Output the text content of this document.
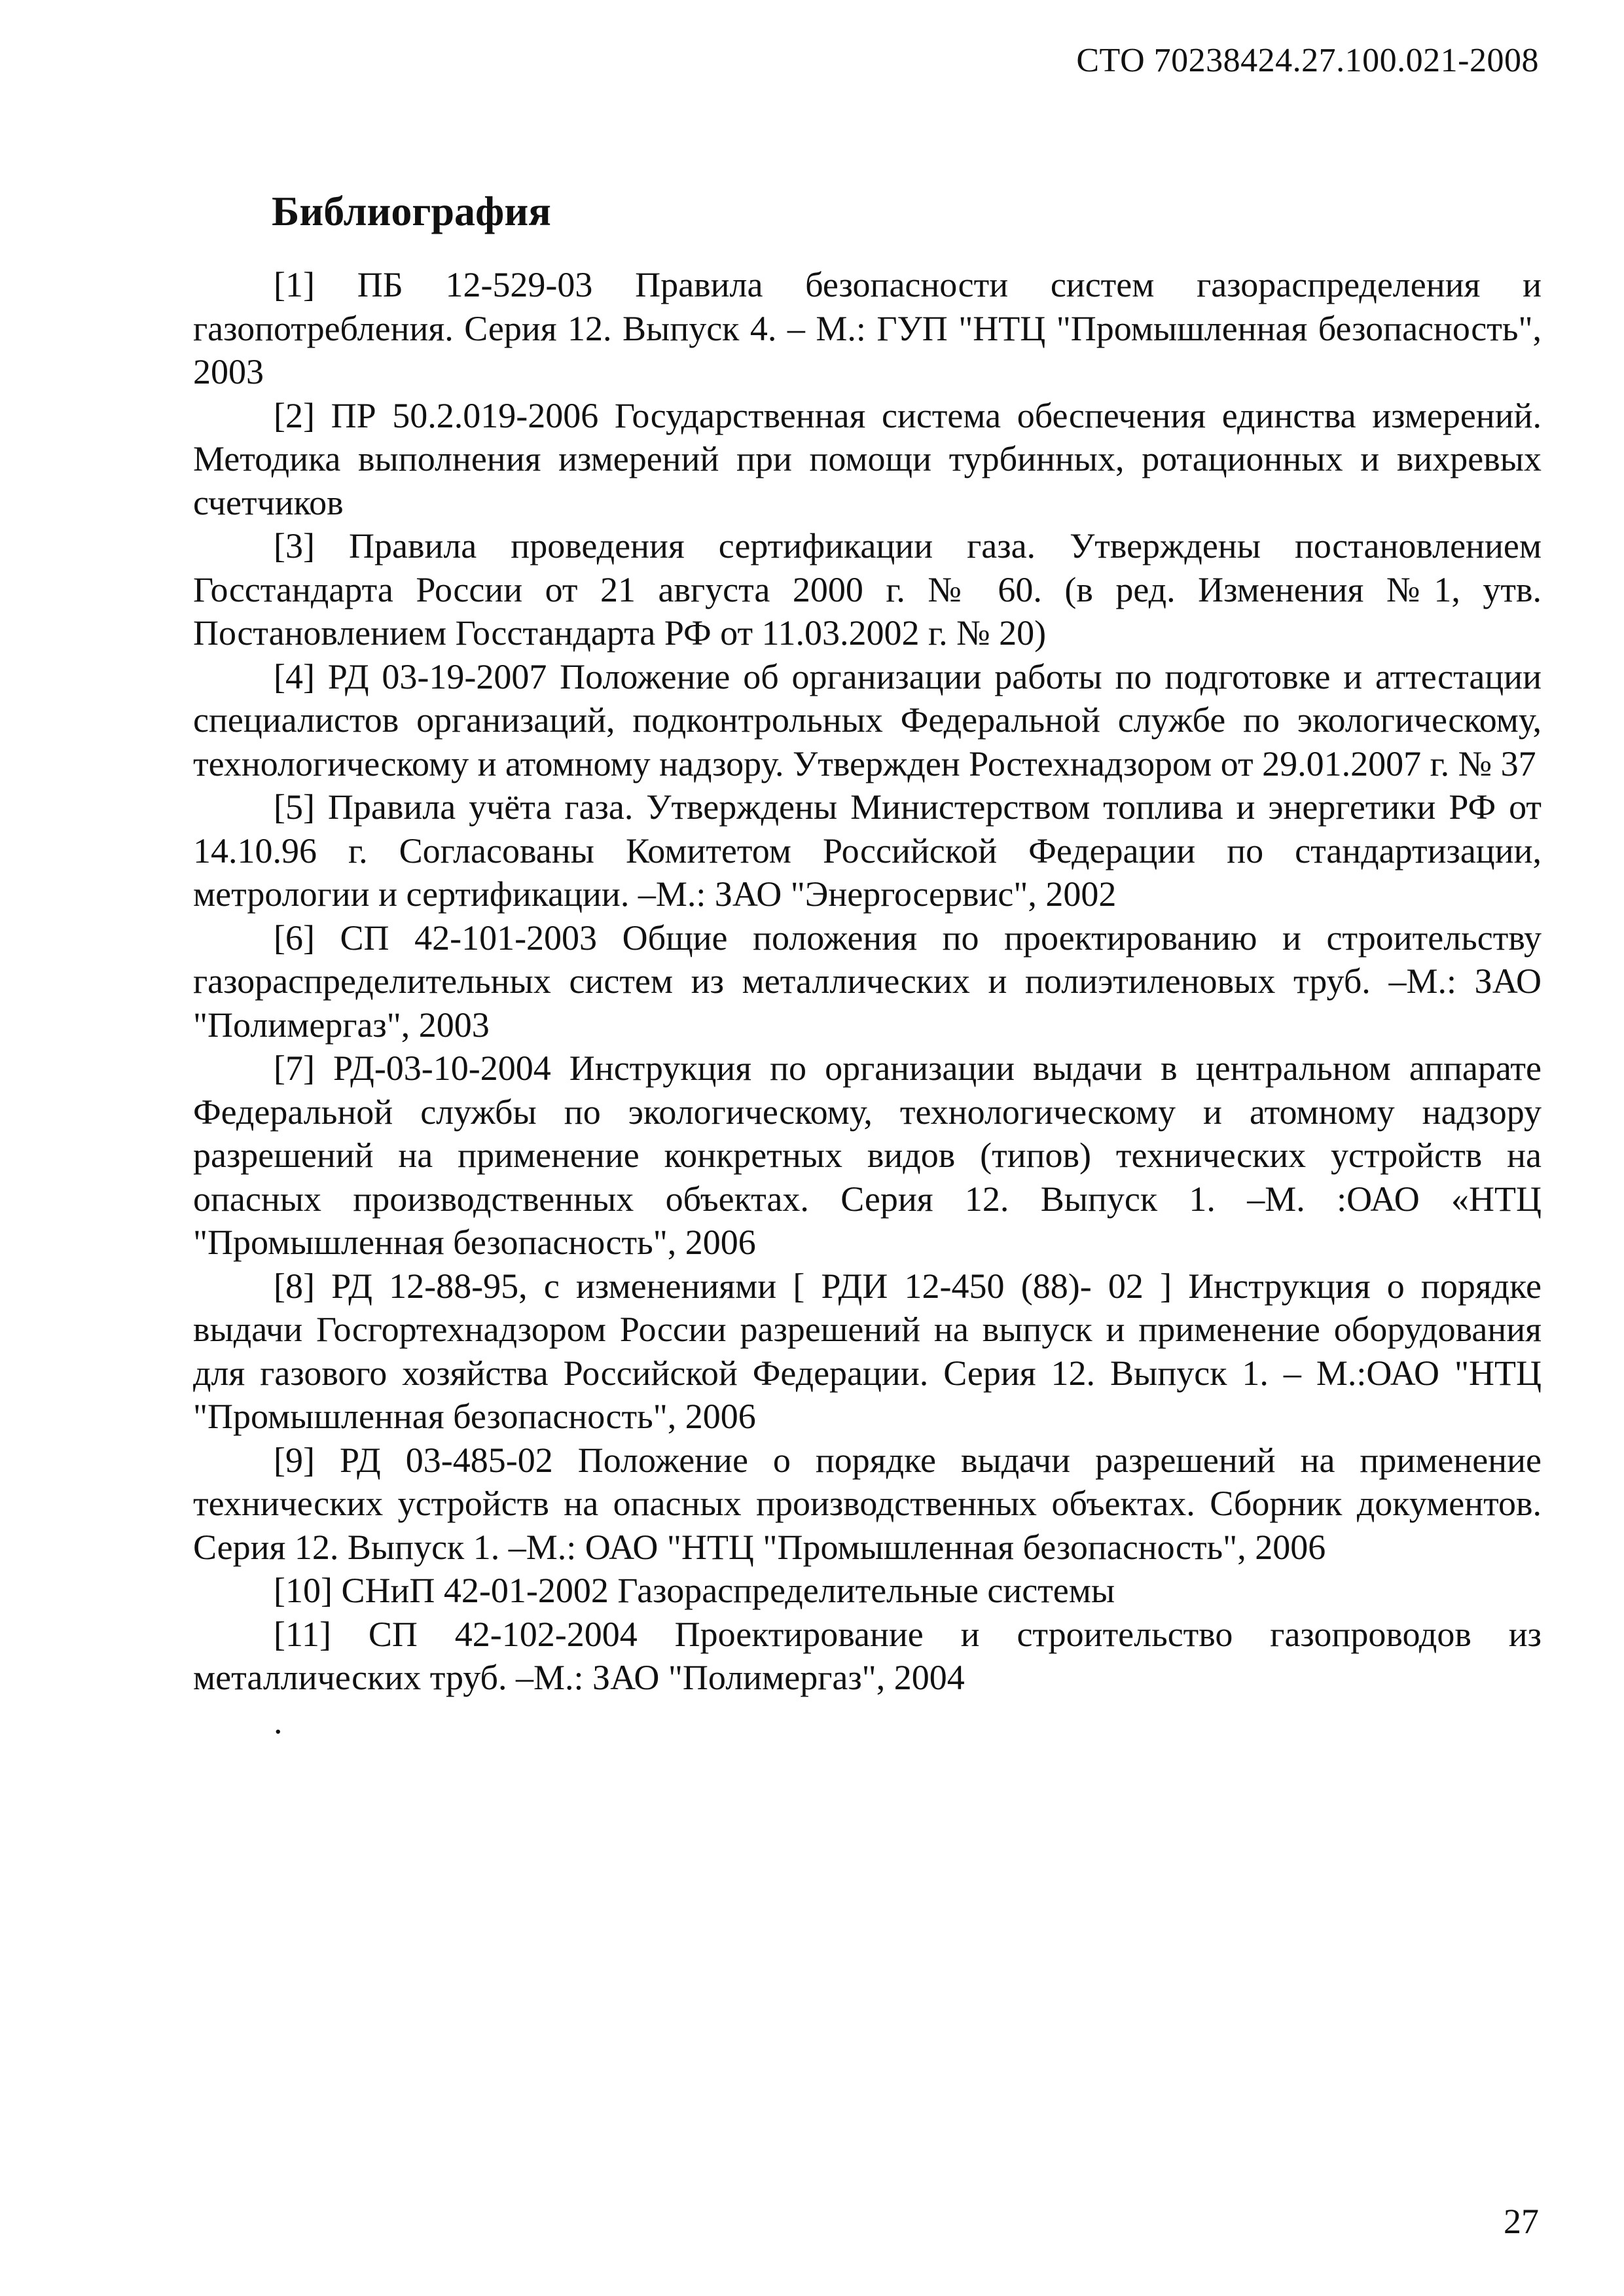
СТО 70238424.27.100.021-2008
Библиография

[1] ПБ 12-529-03 Правила безопасности систем газораспределения и газопотребления. Серия 12. Выпуск 4. – М.: ГУП "НТЦ "Промышленная безопасность", 2003

[2] ПР 50.2.019-2006 Государственная система обеспечения единства измерений. Методика выполнения измерений при помощи турбинных, ротационных и вихревых счетчиков

[3] Правила проведения сертификации газа. Утверждены постановлением Госстандарта России от 21 августа 2000 г. № 60. (в ред. Изменения №1, утв. Постановлением Госстандарта РФ от 11.03.2002 г. № 20)

[4] РД 03-19-2007 Положение об организации работы по подготовке и аттестации специалистов организаций, подконтрольных Федеральной службе по экологическому, технологическому и атомному надзору. Утвержден Ростехнадзором от 29.01.2007 г. № 37

[5] Правила учёта газа. Утверждены Министерством топлива и энергетики РФ от 14.10.96 г. Согласованы Комитетом Российской Федерации по стандартизации, метрологии и сертификации. –М.: ЗАО "Энергосервис", 2002

[6] СП 42-101-2003 Общие положения по проектированию и строительству газораспределительных систем из металлических и полиэтиленовых труб. –М.: ЗАО "Полимергаз", 2003

[7] РД-03-10-2004 Инструкция по организации выдачи в центральном аппарате Федеральной службы по экологическому, технологическому и атомному надзору разрешений на применение конкретных видов (типов) технических устройств на опасных производственных объектах. Серия 12. Выпуск 1. –М. :ОАО «НТЦ "Промышленная безопасность", 2006

[8] РД 12-88-95, с изменениями [ РДИ 12-450 (88)- 02 ] Инструкция о порядке выдачи Госгортехнадзором России разрешений на выпуск и применение оборудования для газового хозяйства Российской Федерации. Серия 12. Выпуск 1. – М.:ОАО "НТЦ "Промышленная безопасность", 2006

[9] РД 03-485-02 Положение о порядке выдачи разрешений на применение технических устройств на опасных производственных объектах. Сборник документов. Серия 12. Выпуск 1. –М.: ОАО "НТЦ "Промышленная безопасность", 2006

[10] СНиП 42-01-2002 Газораспределительные системы

[11] СП 42-102-2004 Проектирование и строительство газопроводов из металлических труб. –М.: ЗАО "Полимергаз", 2004

.

27
